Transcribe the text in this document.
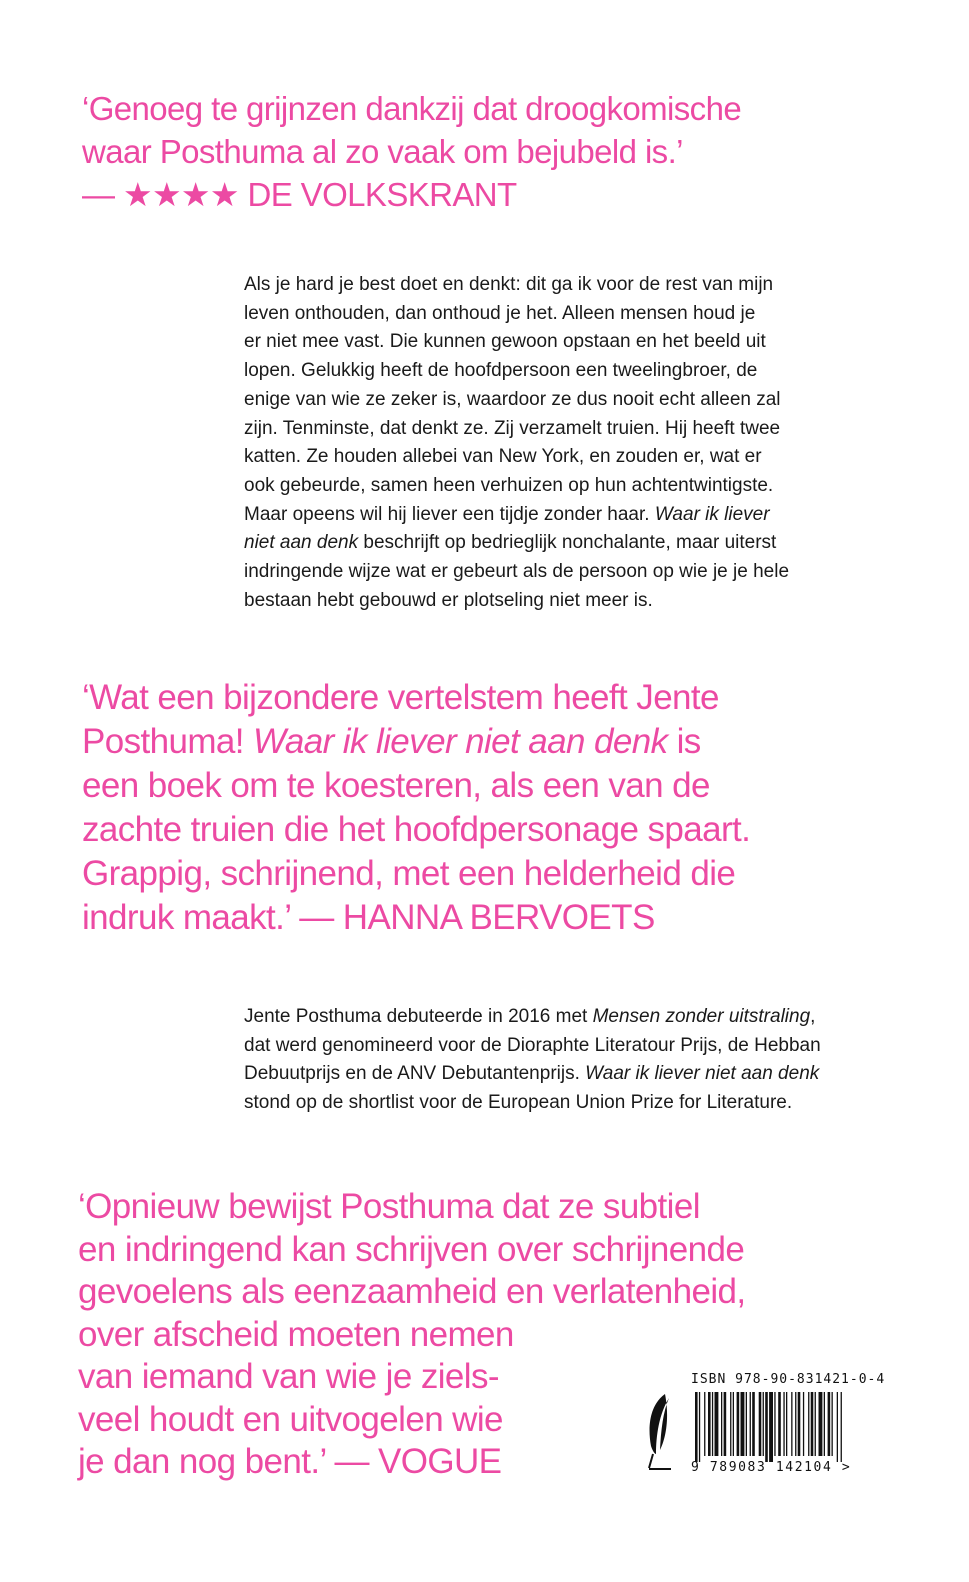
‘Genoeg te grijnzen dankzij dat droogkomische
waar Posthuma al zo vaak om bejubeld is.’
— ★★★★ DE VOLKSKRANT
Als je hard je best doet en denkt: dit ga ik voor de rest van mijn
leven onthouden, dan onthoud je het. Alleen mensen houd je
er niet mee vast. Die kunnen gewoon opstaan en het beeld uit
lopen. Gelukkig heeft de hoofdpersoon een tweelingbroer, de
enige van wie ze zeker is, waardoor ze dus nooit echt alleen zal
zijn. Tenminste, dat denkt ze. Zij verzamelt truien. Hij heeft twee
katten. Ze houden allebei van New York, en zouden er, wat er
ook gebeurde, samen heen verhuizen op hun achtentwintigste.
Maar opeens wil hij liever een tijdje zonder haar. Waar ik liever
niet aan denk beschrijft op bedrieglijk nonchalante, maar uiterst
indringende wijze wat er gebeurt als de persoon op wie je je hele
bestaan hebt gebouwd er plotseling niet meer is.
‘Wat een bijzondere vertelstem heeft Jente
Posthuma! Waar ik liever niet aan denk is
een boek om te koesteren, als een van de
zachte truien die het hoofdpersonage spaart.
Grappig, schrijnend, met een helderheid die
indruk maakt.’ — HANNA BERVOETS
Jente Posthuma debuteerde in 2016 met Mensen zonder uitstraling,
dat werd genomineerd voor de Dioraphte Literatour Prijs, de Hebban
Debuutprijs en de ANV Debutantenprijs. Waar ik liever niet aan denk
stond op de shortlist voor de European Union Prize for Literature.
‘Opnieuw bewijst Posthuma dat ze subtiel
en indringend kan schrijven over schrijnende
gevoelens als eenzaamheid en verlatenheid,
over afscheid moeten nemen
van iemand van wie je ziels-
veel houdt en uitvogelen wie
je dan nog bent.’ — VOGUE
ISBN 978-90-831421-0-4
9 789083 142104 >
